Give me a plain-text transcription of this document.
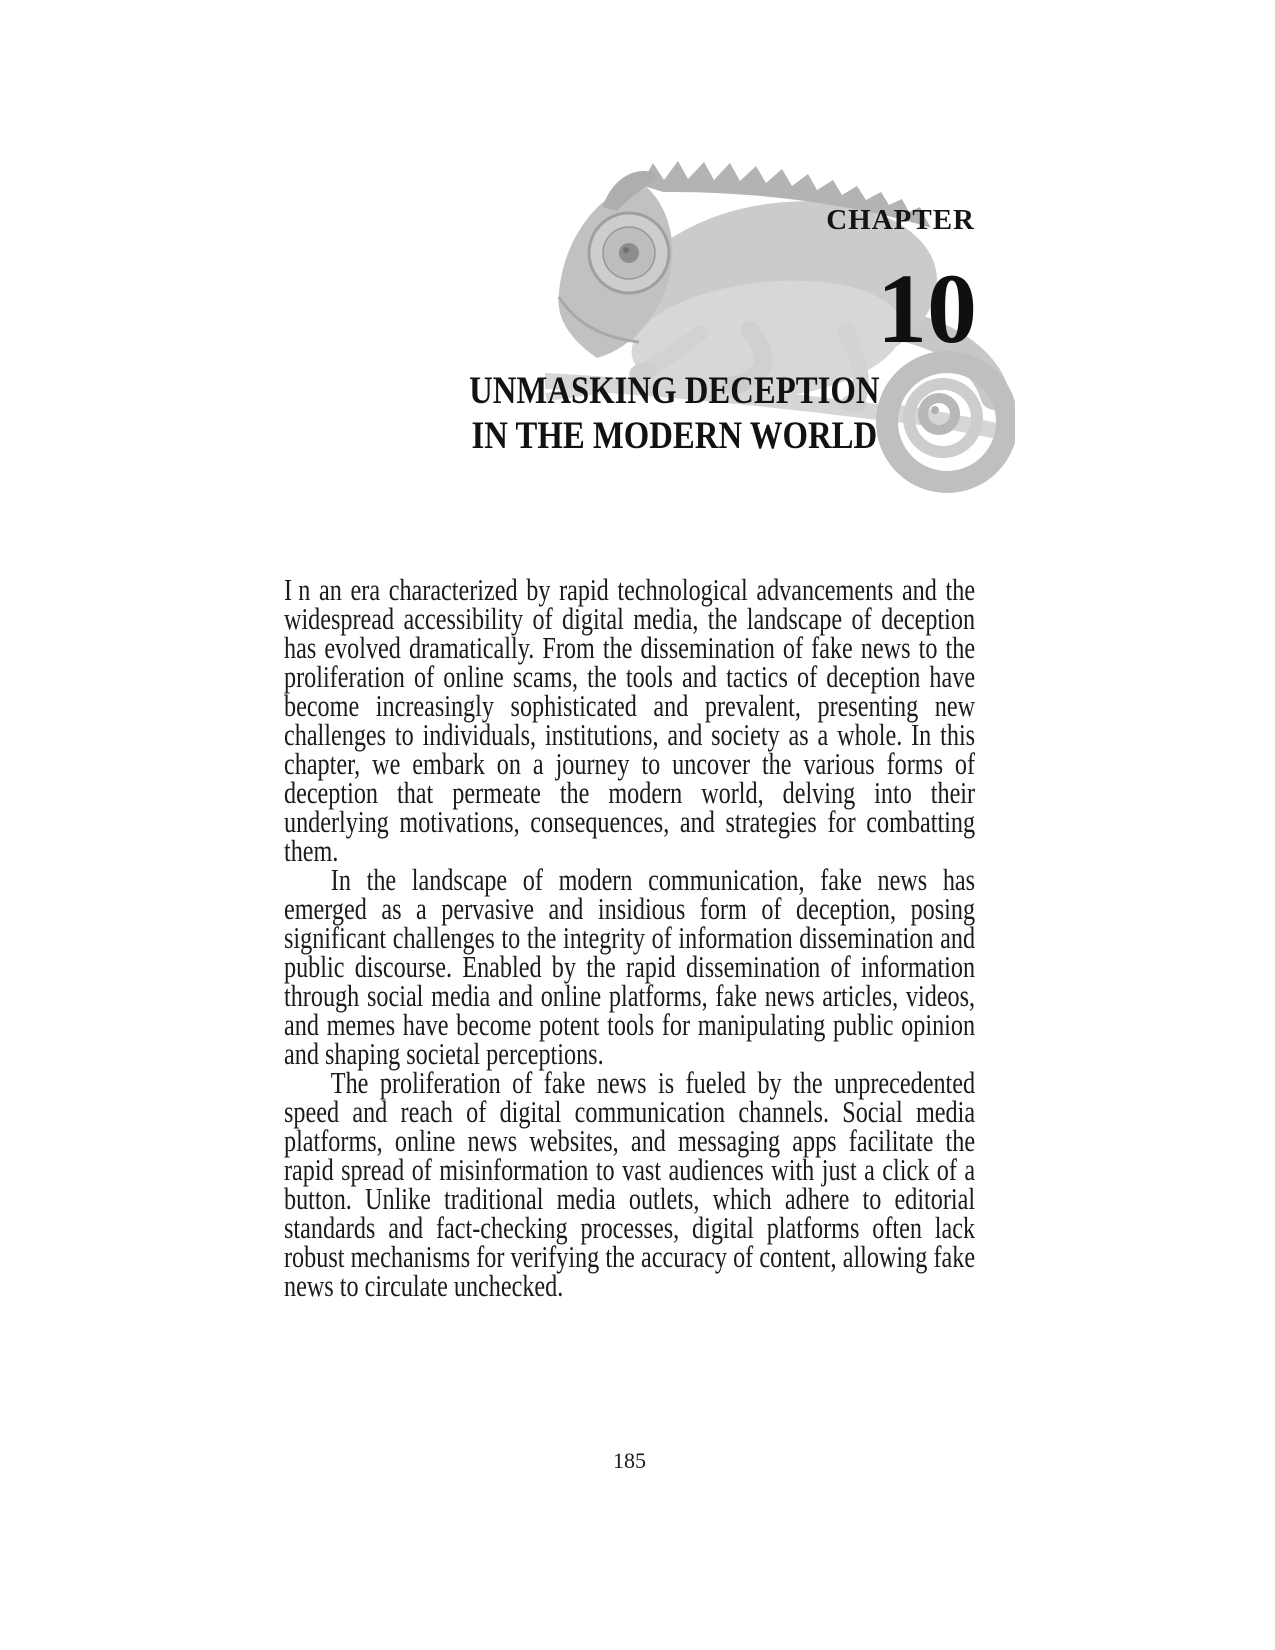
CHAPTER
10
UNMASKING DECEPTION
IN THE MODERN WORLD

In an era characterized by rapid technological advancements and the widespread accessibility of digital media, the landscape of deception has evolved dramatically. From the dissemination of fake news to the proliferation of online scams, the tools and tactics of deception have become increasingly sophisticated and prevalent, presenting new challenges to individuals, institutions, and society as a whole. In this chapter, we embark on a journey to uncover the various forms of deception that permeate the modern world, delving into their underlying motivations, consequences, and strategies for combatting them.

In the landscape of modern communication, fake news has emerged as a pervasive and insidious form of deception, posing significant challenges to the integrity of information dissemination and public discourse. Enabled by the rapid dissemination of information through social media and online platforms, fake news articles, videos, and memes have become potent tools for manipulating public opinion and shaping societal perceptions.

The proliferation of fake news is fueled by the unprecedented speed and reach of digital communication channels. Social media platforms, online news websites, and messaging apps facilitate the rapid spread of misinformation to vast audiences with just a click of a button. Unlike traditional media outlets, which adhere to editorial standards and fact-checking processes, digital platforms often lack robust mechanisms for verifying the accuracy of content, allowing fake news to circulate unchecked.

185
